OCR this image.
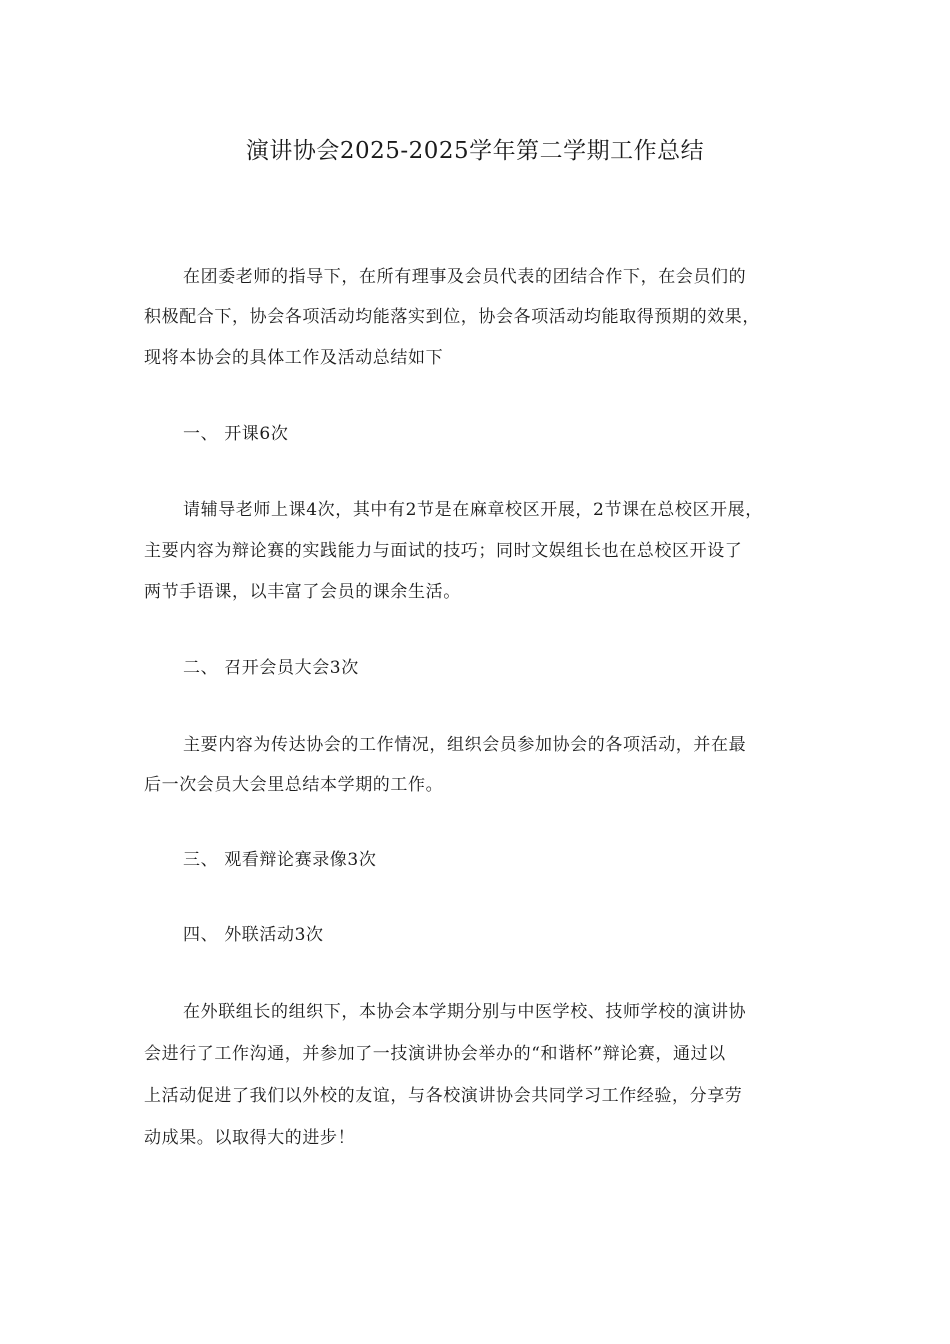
演讲协会2025-2025学年第二学期工作总结
在团委老师的指导下，在所有理事及会员代表的团结合作下，在会员们的
积极配合下，协会各项活动均能落实到位，协会各项活动均能取得预期的效果，
现将本协会的具体工作及活动总结如下
一、 开课6次
请辅导老师上课4次，其中有2节是在麻章校区开展，2节课在总校区开展，
主要内容为辩论赛的实践能力与面试的技巧；同时文娱组长也在总校区开设了
两节手语课，以丰富了会员的课余生活。
二、 召开会员大会3次
主要内容为传达协会的工作情况，组织会员参加协会的各项活动，并在最
后一次会员大会里总结本学期的工作。
三、 观看辩论赛录像3次
四、 外联活动3次
在外联组长的组织下，本协会本学期分别与中医学校、技师学校的演讲协
会进行了工作沟通，并参加了一技演讲协会举办的“和谐杯”辩论赛，通过以
上活动促进了我们以外校的友谊，与各校演讲协会共同学习工作经验，分享劳
动成果。以取得大的进步！
